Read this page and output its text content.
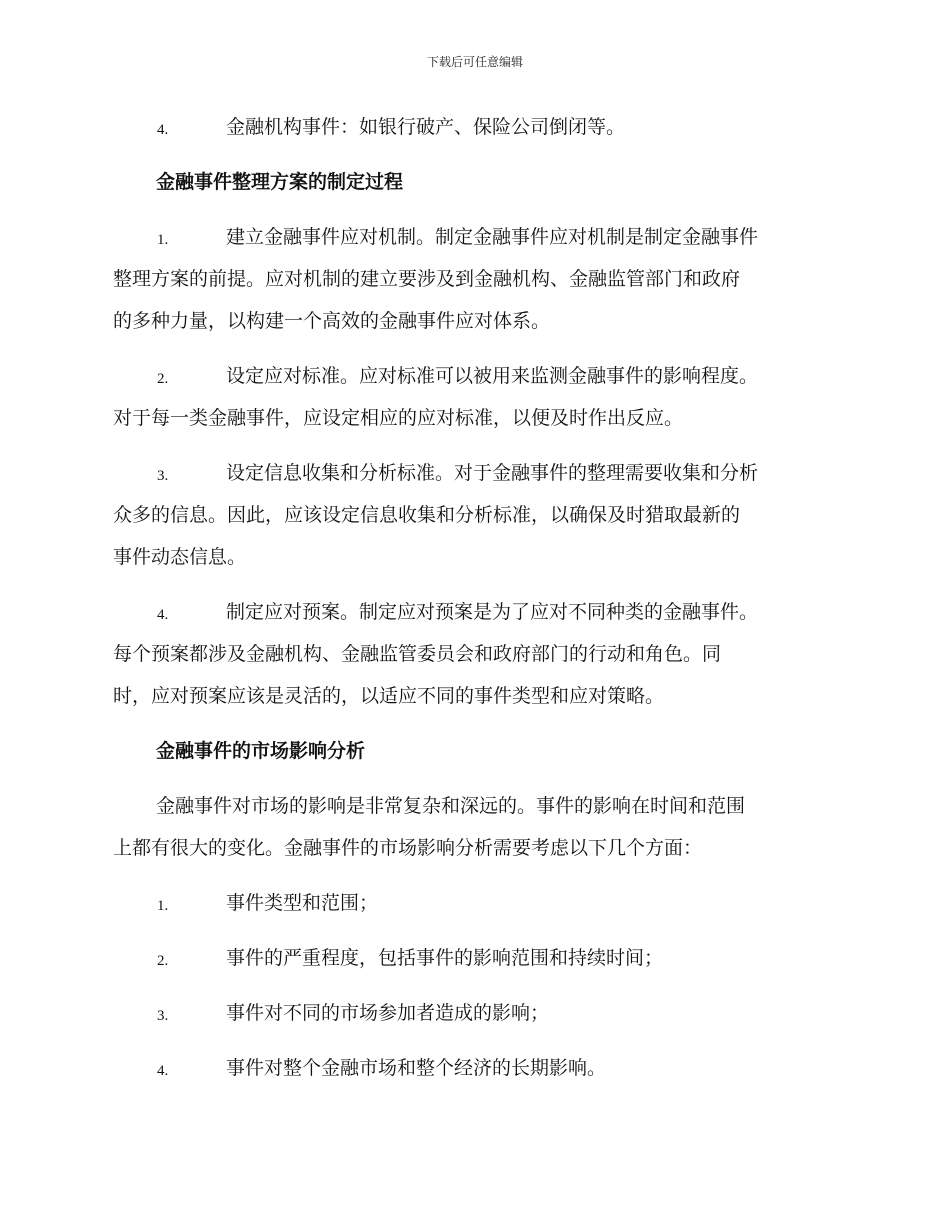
下载后可任意编辑
4.	金融机构事件：如银行破产、保险公司倒闭等。
金融事件整理方案的制定过程
1.	建立金融事件应对机制。制定金融事件应对机制是制定金融事件
整理方案的前提。应对机制的建立要涉及到金融机构、金融监管部门和政府
的多种力量，以构建一个高效的金融事件应对体系。
2.	设定应对标准。应对标准可以被用来监测金融事件的影响程度。
对于每一类金融事件，应设定相应的应对标准，以便及时作出反应。
3.	设定信息收集和分析标准。对于金融事件的整理需要收集和分析
众多的信息。因此，应该设定信息收集和分析标准，以确保及时猎取最新的
事件动态信息。
4.	制定应对预案。制定应对预案是为了应对不同种类的金融事件。
每个预案都涉及金融机构、金融监管委员会和政府部门的行动和角色。同
时，应对预案应该是灵活的，以适应不同的事件类型和应对策略。
金融事件的市场影响分析
金融事件对市场的影响是非常复杂和深远的。事件的影响在时间和范围
上都有很大的变化。金融事件的市场影响分析需要考虑以下几个方面：
1.	事件类型和范围；
2.	事件的严重程度，包括事件的影响范围和持续时间；
3.	事件对不同的市场参加者造成的影响；
4.	事件对整个金融市场和整个经济的长期影响。
